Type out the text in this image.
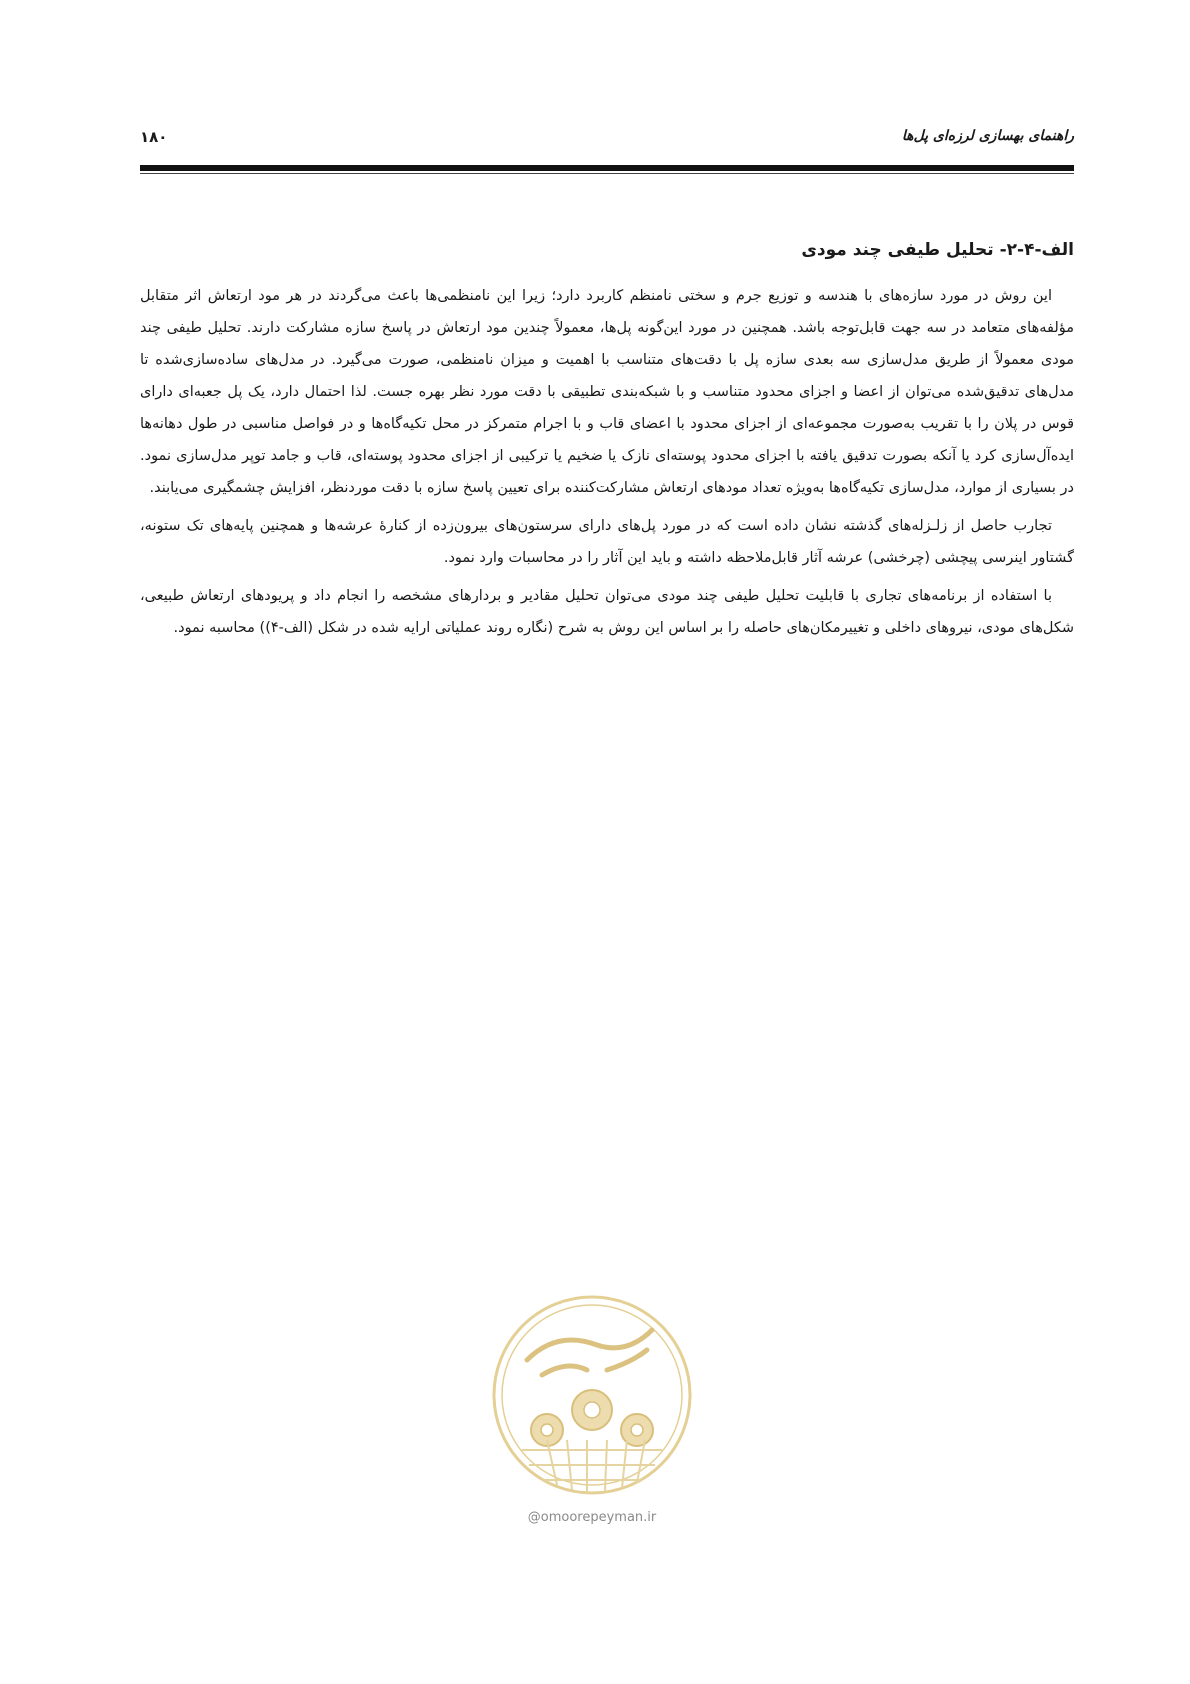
راهنمای بهسازی لرزه‌ای پل‌ها
۱۸۰
الف-۴-۲- تحلیل طیفی چند مودی

این روش در مورد سازه‌های با هندسه و توزیع جرم و سختی نامنظم کاربرد دارد؛ زیرا این نامنظمی‌ها باعث می‌گردند در هر مود ارتعاش اثر متقابل مؤلفه‌های متعامد در سه جهت قابل‌توجه باشد. همچنین در مورد این‌گونه پل‌ها، معمولاً چندین مود ارتعاش در پاسخ سازه مشارکت دارند. تحلیل طیفی چند مودی معمولاً از طریق مدل‌سازی سه بعدی سازه پل با دقت‌های متناسب با اهمیت و میزان نامنظمی، صورت می‌گیرد. در مدل‌های ساده‌سازی‌شده تا مدل‌های تدقیق‌شده می‌توان از اعضا و اجزای محدود متناسب و با شبکه‌بندی تطبیقی با دقت مورد نظر بهره جست. لذا احتمال دارد، یک پل جعبه‌ای دارای قوس در پلان را با تقریب به‌صورت مجموعه‌ای از اجزای محدود با اعضای قاب و با اجرام متمرکز در محل تکیه‌گاه‌ها و در فواصل مناسبی در طول دهانه‌ها ایده‌آل‌سازی کرد یا آنکه بصورت تدقیق یافته با اجزای محدود پوسته‌ای نازک یا ضخیم یا ترکیبی از اجزای محدود پوسته‌ای، قاب و جامد توپر مدل‌سازی نمود. در بسیاری از موارد، مدل‌سازی تکیه‌گاه‌ها به‌ویژه تعداد مودهای ارتعاش مشارکت‌کننده برای تعیین پاسخ سازه با دقت موردنظر، افزایش چشمگیری می‌یابند.

تجارب حاصل از زلـزله‌های گذشته نشان داده است که در مورد پل‌های دارای سرستون‌های بیرون‌زده از کنارهٔ عرشه‌ها و همچنین پایه‌های تک ستونه، گشتاور اینرسی پیچشی (چرخشی) عرشه آثار قابل‌ملاحظه داشته و باید این آثار را در محاسبات وارد نمود.

با استفاده از برنامه‌های تجاری با قابلیت تحلیل طیفی چند مودی می‌توان تحلیل مقادیر و بردارهای مشخصه را انجام داد و پریودهای ارتعاش طبیعی، شکل‌های مودی، نیروهای داخلی و تغییرمکان‌های حاصله را بر اساس این روش به شرح (نگاره روند عملیاتی ارایه شده در شکل (الف-۴)) محاسبه نمود.

@omoorepeyman.ir
